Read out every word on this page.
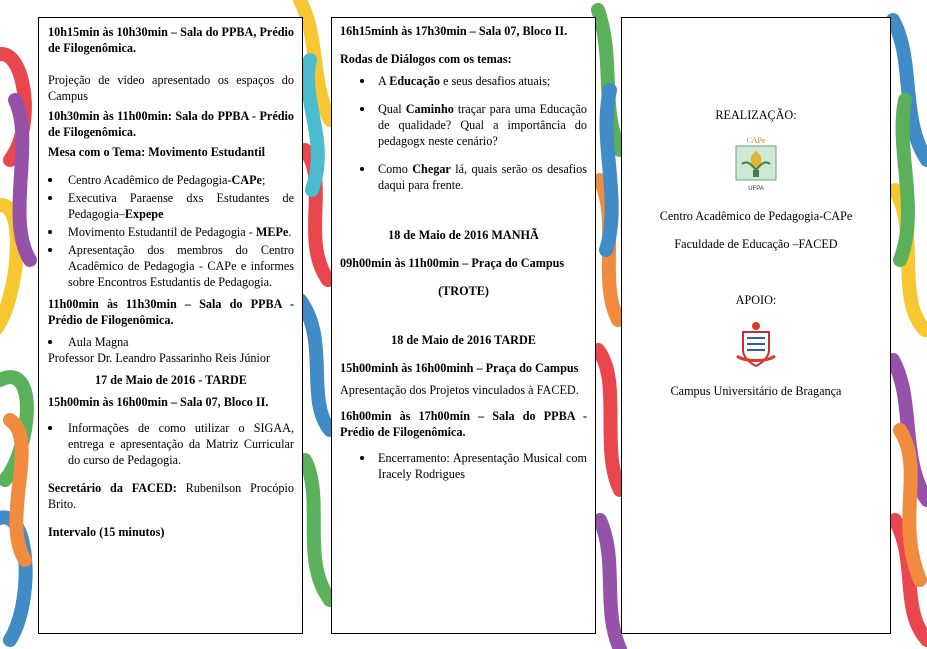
10h15min às 10h30min – Sala do PPBA, Prédio de Filogenômica.

Projeção de vídeo apresentado os espaços do Campus

10h30min às 11h00min: Sala do PPBA - Prédio de Filogenômica.

Mesa com o Tema: Movimento Estudantil

Centro Acadêmico de Pedagogia-CAPe;
Executiva Paraense dxs Estudantes de Pedagogia–Expepe
Movimento Estudantil de Pedagogia - MEPe.
Apresentação dos membros do Centro Acadêmico de Pedagogia - CAPe e informes sobre Encontros Estudantis de Pedagogia.

11h00min às 11h30min – Sala do PPBA - Prédio de Filogenômica.

Aula Magna

Professor Dr. Leandro Passarinho Reis Júnior

17 de Maio de 2016 - TARDE

15h00min às 16h00min – Sala 07, Bloco II.

Informações de como utilizar o SIGAA, entrega e apresentação da Matriz Curricular do curso de Pedagogia.

Secretário da FACED: Rubenilson Procópio Brito.

Intervalo (15 minutos)

16h15minh às 17h30min – Sala 07, Bloco II.

Rodas de Diálogos com os temas:

A Educação e seus desafios atuais;
Qual Caminho traçar para uma Educação de qualidade? Qual a importância do pedagogx neste cenário?
Como Chegar lá, quais serão os desafios daqui para frente.

18 de Maio de 2016 MANHÃ

09h00min às 11h00min – Praça do Campus

(TROTE)

18 de Maio de 2016 TARDE

15h00minh às 16h00minh – Praça do Campus

Apresentação dos Projetos vinculados à FACED.

16h00min às 17h00min – Sala do PPBA - Prédio de Filogenômica.

Encerramento: Apresentação Musical com Iracely Rodrigues
REALIZAÇÃO:
CAPe
UFPA
Centro Acadêmico de Pedagogia-CAPe
Faculdade de Educação –FACED
APOIO:
Campus Universitário de Bragança
